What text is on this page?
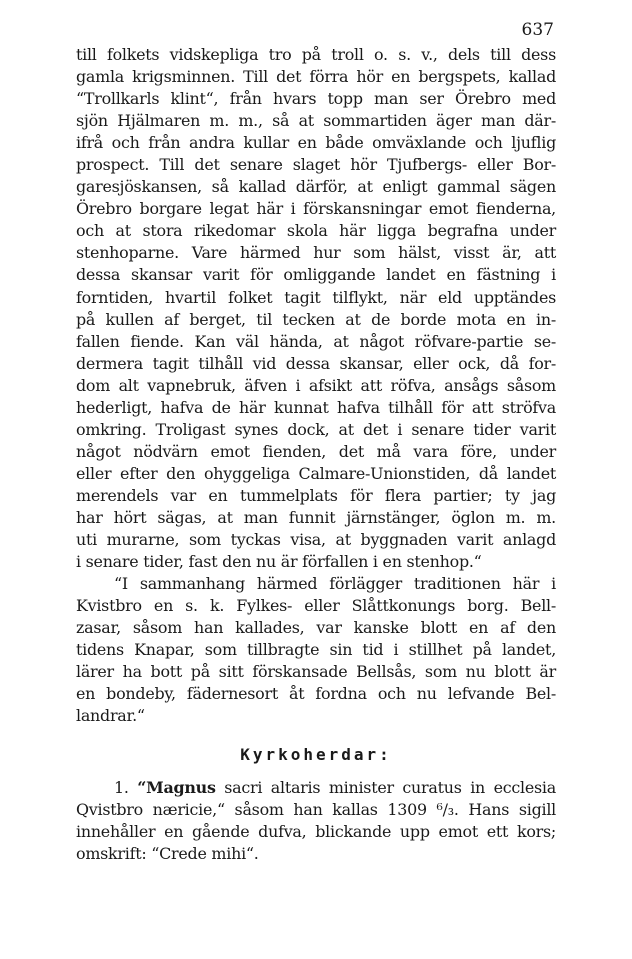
637
till folkets vidskepliga tro på troll o. s. v., dels till dess
gamla krigsminnen. Till det förra hör en bergspets, kallad
“Trollkarls klint“, från hvars topp man ser Örebro med
sjön Hjälmaren m. m., så at sommartiden äger man där-
ifrå och från andra kullar en både omväxlande och ljuflig
prospect. Till det senare slaget hör Tjufbergs- eller Bor-
garesjöskansen, så kallad därför, at enligt gammal sägen
Örebro borgare legat här i förskansningar emot fienderna,
och at stora rikedomar skola här ligga begrafna under
stenhoparne. Vare härmed hur som hälst, visst är, att
dessa skansar varit för omliggande landet en fästning i
forntiden, hvartil folket tagit tilflykt, när eld upptändes
på kullen af berget, til tecken at de borde mota en in-
fallen fiende. Kan väl hända, at något röfvare-partie se-
dermera tagit tilhåll vid dessa skansar, eller ock, då for-
dom alt vapnebruk, äfven i afsikt att röfva, ansågs såsom
hederligt, hafva de här kunnat hafva tilhåll för att ströfva
omkring. Troligast synes dock, at det i senare tider varit
något nödvärn emot fienden, det må vara före, under
eller efter den ohyggeliga Calmare-Unionstiden, då landet
merendels var en tummelplats för flera partier; ty jag
har hört sägas, at man funnit järnstänger, öglon m. m.
uti murarne, som tyckas visa, at byggnaden varit anlagd
i senare tider, fast den nu är förfallen i en stenhop.“
“I sammanhang härmed förlägger traditionen här i
Kvistbro en s. k. Fylkes- eller Slåttkonungs borg. Bell-
zasar, såsom han kallades, var kanske blott en af den
tidens Knapar, som tillbragte sin tid i stillhet på landet,
lärer ha bott på sitt förskansade Bellsås, som nu blott är
en bondeby, fädernesort åt fordna och nu lefvande Bel-
landrar.“
Kyrkoherdar:
1. “Magnus sacri altaris minister curatus in ecclesia
Qvistbro næricie,“ såsom han kallas 1309 ⁶/₃. Hans sigill
innehåller en gående dufva, blickande upp emot ett kors;
omskrift: “Crede mihi“.
